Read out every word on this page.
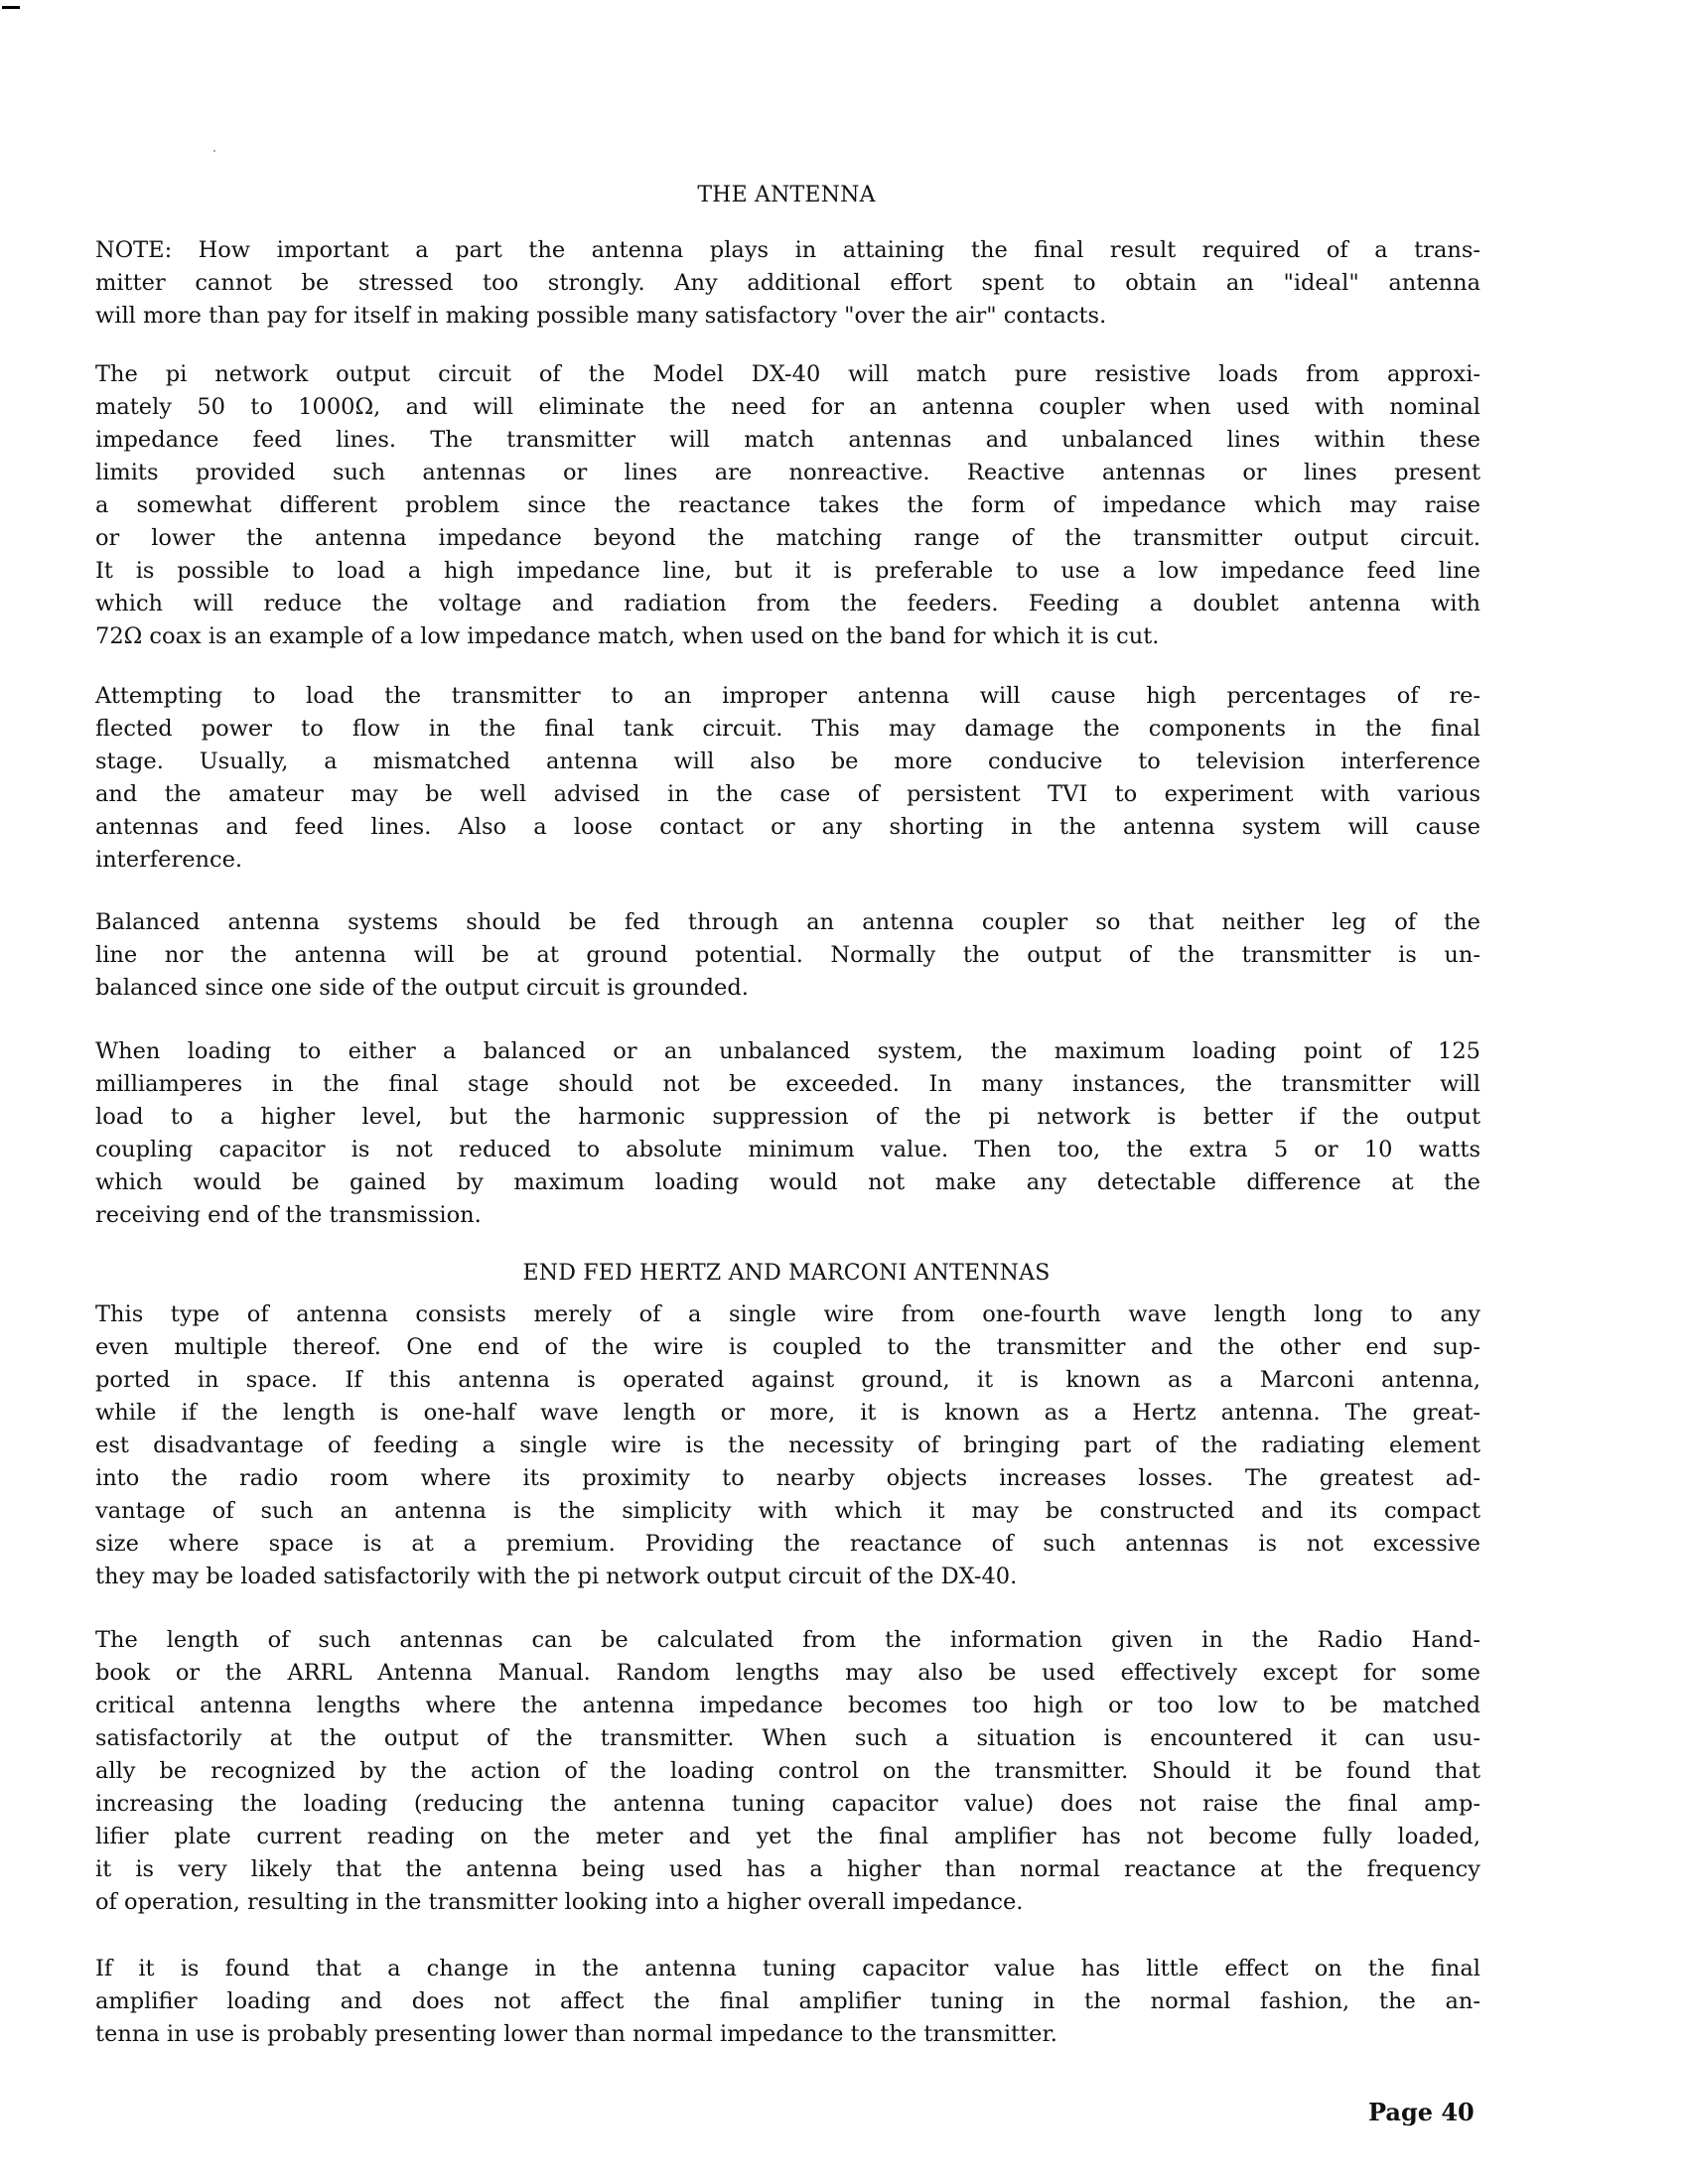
THE ANTENNA
NOTE: How important a part the antenna plays in attaining the final result required of a trans-
mitter cannot be stressed too strongly. Any additional effort spent to obtain an "ideal" antenna
will more than pay for itself in making possible many satisfactory "over the air" contacts.
The pi network output circuit of the Model DX-40 will match pure resistive loads from approxi-
mately 50 to 1000Ω, and will eliminate the need for an antenna coupler when used with nominal
impedance feed lines. The transmitter will match antennas and unbalanced lines within these
limits provided such antennas or lines are nonreactive. Reactive antennas or lines present
a somewhat different problem since the reactance takes the form of impedance which may raise
or lower the antenna impedance beyond the matching range of the transmitter output circuit.
It is possible to load a high impedance line, but it is preferable to use a low impedance feed line
which will reduce the voltage and radiation from the feeders. Feeding a doublet antenna with
72Ω coax is an example of a low impedance match, when used on the band for which it is cut.
Attempting to load the transmitter to an improper antenna will cause high percentages of re-
flected power to flow in the final tank circuit. This may damage the components in the final
stage. Usually, a mismatched antenna will also be more conducive to television interference
and the amateur may be well advised in the case of persistent TVI to experiment with various
antennas and feed lines. Also a loose contact or any shorting in the antenna system will cause
interference.
Balanced antenna systems should be fed through an antenna coupler so that neither leg of the
line nor the antenna will be at ground potential. Normally the output of the transmitter is un-
balanced since one side of the output circuit is grounded.
When loading to either a balanced or an unbalanced system, the maximum loading point of 125
milliamperes in the final stage should not be exceeded. In many instances, the transmitter will
load to a higher level, but the harmonic suppression of the pi network is better if the output
coupling capacitor is not reduced to absolute minimum value. Then too, the extra 5 or 10 watts
which would be gained by maximum loading would not make any detectable difference at the
receiving end of the transmission.
END FED HERTZ AND MARCONI ANTENNAS
This type of antenna consists merely of a single wire from one-fourth wave length long to any
even multiple thereof. One end of the wire is coupled to the transmitter and the other end sup-
ported in space. If this antenna is operated against ground, it is known as a Marconi antenna,
while if the length is one-half wave length or more, it is known as a Hertz antenna. The great-
est disadvantage of feeding a single wire is the necessity of bringing part of the radiating element
into the radio room where its proximity to nearby objects increases losses. The greatest ad-
vantage of such an antenna is the simplicity with which it may be constructed and its compact
size where space is at a premium. Providing the reactance of such antennas is not excessive
they may be loaded satisfactorily with the pi network output circuit of the DX-40.
The length of such antennas can be calculated from the information given in the Radio Hand-
book or the ARRL Antenna Manual. Random lengths may also be used effectively except for some
critical antenna lengths where the antenna impedance becomes too high or too low to be matched
satisfactorily at the output of the transmitter. When such a situation is encountered it can usu-
ally be recognized by the action of the loading control on the transmitter. Should it be found that
increasing the loading (reducing the antenna tuning capacitor value) does not raise the final amp-
lifier plate current reading on the meter and yet the final amplifier has not become fully loaded,
it is very likely that the antenna being used has a higher than normal reactance at the frequency
of operation, resulting in the transmitter looking into a higher overall impedance.
If it is found that a change in the antenna tuning capacitor value has little effect on the final
amplifier loading and does not affect the final amplifier tuning in the normal fashion, the an-
tenna in use is probably presenting lower than normal impedance to the transmitter.
Page 40
